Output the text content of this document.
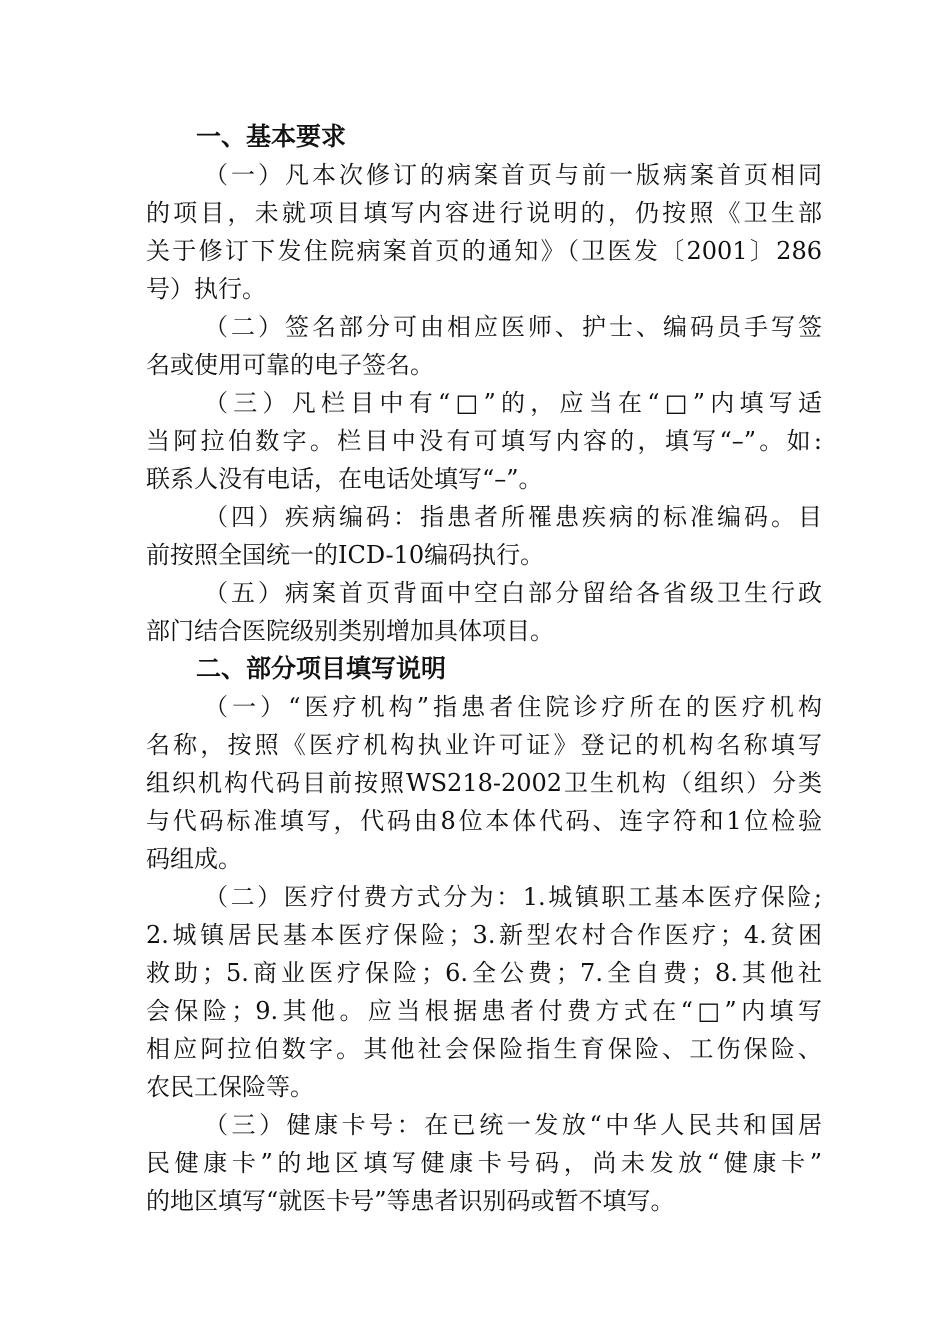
一、基本要求
（一）凡本次修订的病案首页与前一版病案首页相同
的项目，未就项目填写内容进行说明的，仍按照《卫生部
关于修订下发住院病案首页的通知》（卫医发〔2001〕286
号）执行。
（二）签名部分可由相应医师、护士、编码员手写签
名或使用可靠的电子签名。
（三）凡栏目中有“□”的，应当在“□”内填写适
当阿拉伯数字。栏目中没有可填写内容的，填写“–”。如:
联系人没有电话，在电话处填写“–”。
（四）疾病编码：指患者所罹患疾病的标准编码。目
前按照全国统一的ICD-10编码执行。
（五）病案首页背面中空白部分留给各省级卫生行政
部门结合医院级别类别增加具体项目。
二、部分项目填写说明
（一）“医疗机构”指患者住院诊疗所在的医疗机构
名称，按照《医疗机构执业许可证》登记的机构名称填写
组织机构代码目前按照WS218-2002卫生机构（组织）分类
与代码标准填写，代码由8位本体代码、连字符和1位检验
码组成。
（二）医疗付费方式分为：1.城镇职工基本医疗保险;
2.城镇居民基本医疗保险；3.新型农村合作医疗；4.贫困
救助；5.商业医疗保险；6.全公费；7.全自费；8.其他社
会保险；9.其他。应当根据患者付费方式在“□”内填写
相应阿拉伯数字。其他社会保险指生育保险、工伤保险、
农民工保险等。
（三）健康卡号：在已统一发放“中华人民共和国居
民健康卡”的地区填写健康卡号码，尚未发放“健康卡”
的地区填写“就医卡号”等患者识别码或暂不填写。
